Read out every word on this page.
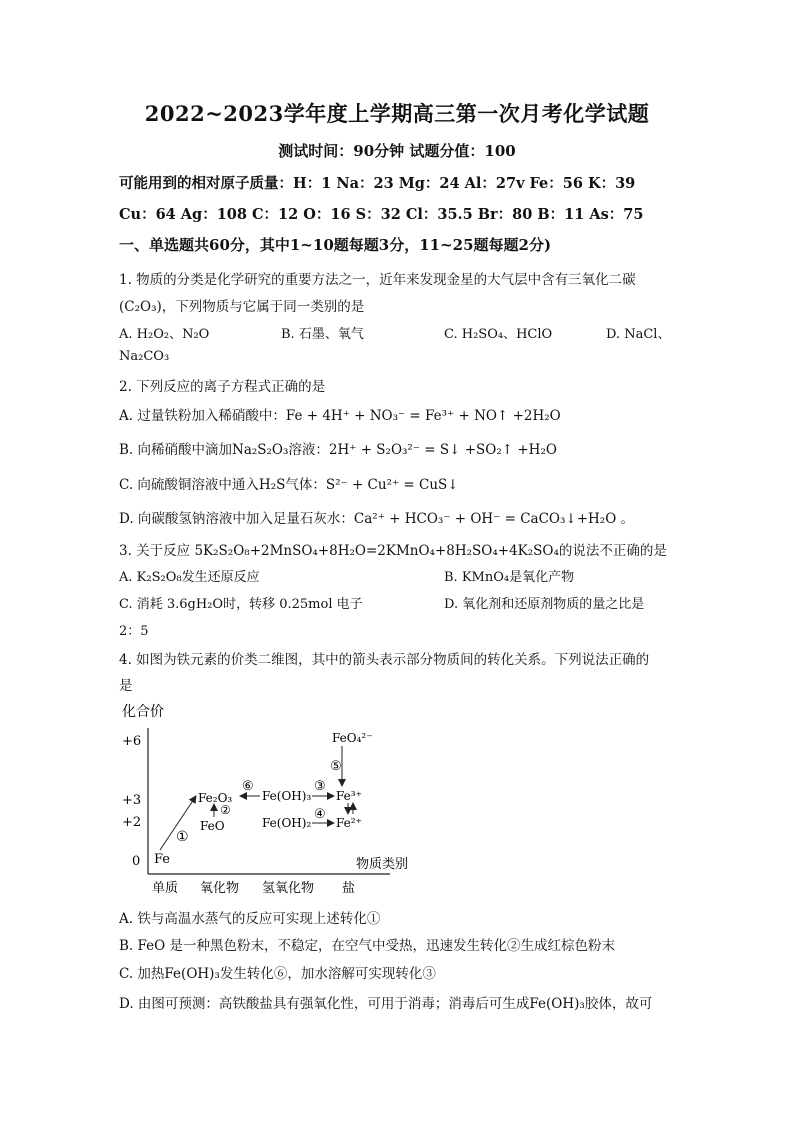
2022~2023学年度上学期高三第一次月考化学试题
测试时间：90分钟 试题分值：100
可能用到的相对原子质量：H：1 Na：23 Mg：24 Al：27v Fe：56 K：39
Cu：64 Ag：108 C：12 O：16 S：32 Cl：35.5 Br：80 B：11 As：75
一、单选题共60分，其中1~10题每题3分，11~25题每题2分)
1. 物质的分类是化学研究的重要方法之一，近年来发现金星的大气层中含有三氧化二碳
(C₂O₃)，下列物质与它属于同一类别的是
A. H₂O₂、N₂O	B. 石墨、氧气	C. H₂SO₄、HClO	D. NaCl、
Na₂CO₃
2. 下列反应的离子方程式正确的是
A. 过量铁粉加入稀硝酸中：Fe + 4H⁺ + NO₃⁻ = Fe³⁺ + NO↑ +2H₂O
B. 向稀硝酸中滴加Na₂S₂O₃溶液：2H⁺ + S₂O₃²⁻ = S↓ +SO₂↑ +H₂O
C. 向硫酸铜溶液中通入H₂S气体：S²⁻ + Cu²⁺ = CuS↓
D. 向碳酸氢钠溶液中加入足量石灰水：Ca²⁺ + HCO₃⁻ + OH⁻ = CaCO₃↓+H₂O 。
3. 关于反应 5K₂S₂O₈+2MnSO₄+8H₂O=2KMnO₄+8H₂SO₄+4K₂SO₄的说法不正确的是
A. K₂S₂O₈发生还原反应	B. KMnO₄是氧化产物
C. 消耗 3.6gH₂O时，转移 0.25mol 电子	D. 氧化剂和还原剂物质的量之比是
2：5
4. 如图为铁元素的价类二维图，其中的箭头表示部分物质间的转化关系。下列说法正确的
是
化合价
物质类别
+6
+3
+2
0
单质 氧化物 氢氧化物 盐
Fe
Fe₂O₃
FeO
Fe(OH)₃
Fe(OH)₂
Fe³⁺
Fe²⁺
FeO₄²⁻
①
②
⑥	③
④
⑤
A. 铁与高温水蒸气的反应可实现上述转化①
B. FeO 是一种黑色粉末，不稳定，在空气中受热，迅速发生转化②生成红棕色粉末
C. 加热Fe(OH)₃发生转化⑥，加水溶解可实现转化③
D. 由图可预测：高铁酸盐具有强氧化性，可用于消毒；消毒后可生成Fe(OH)₃胶体，故可
